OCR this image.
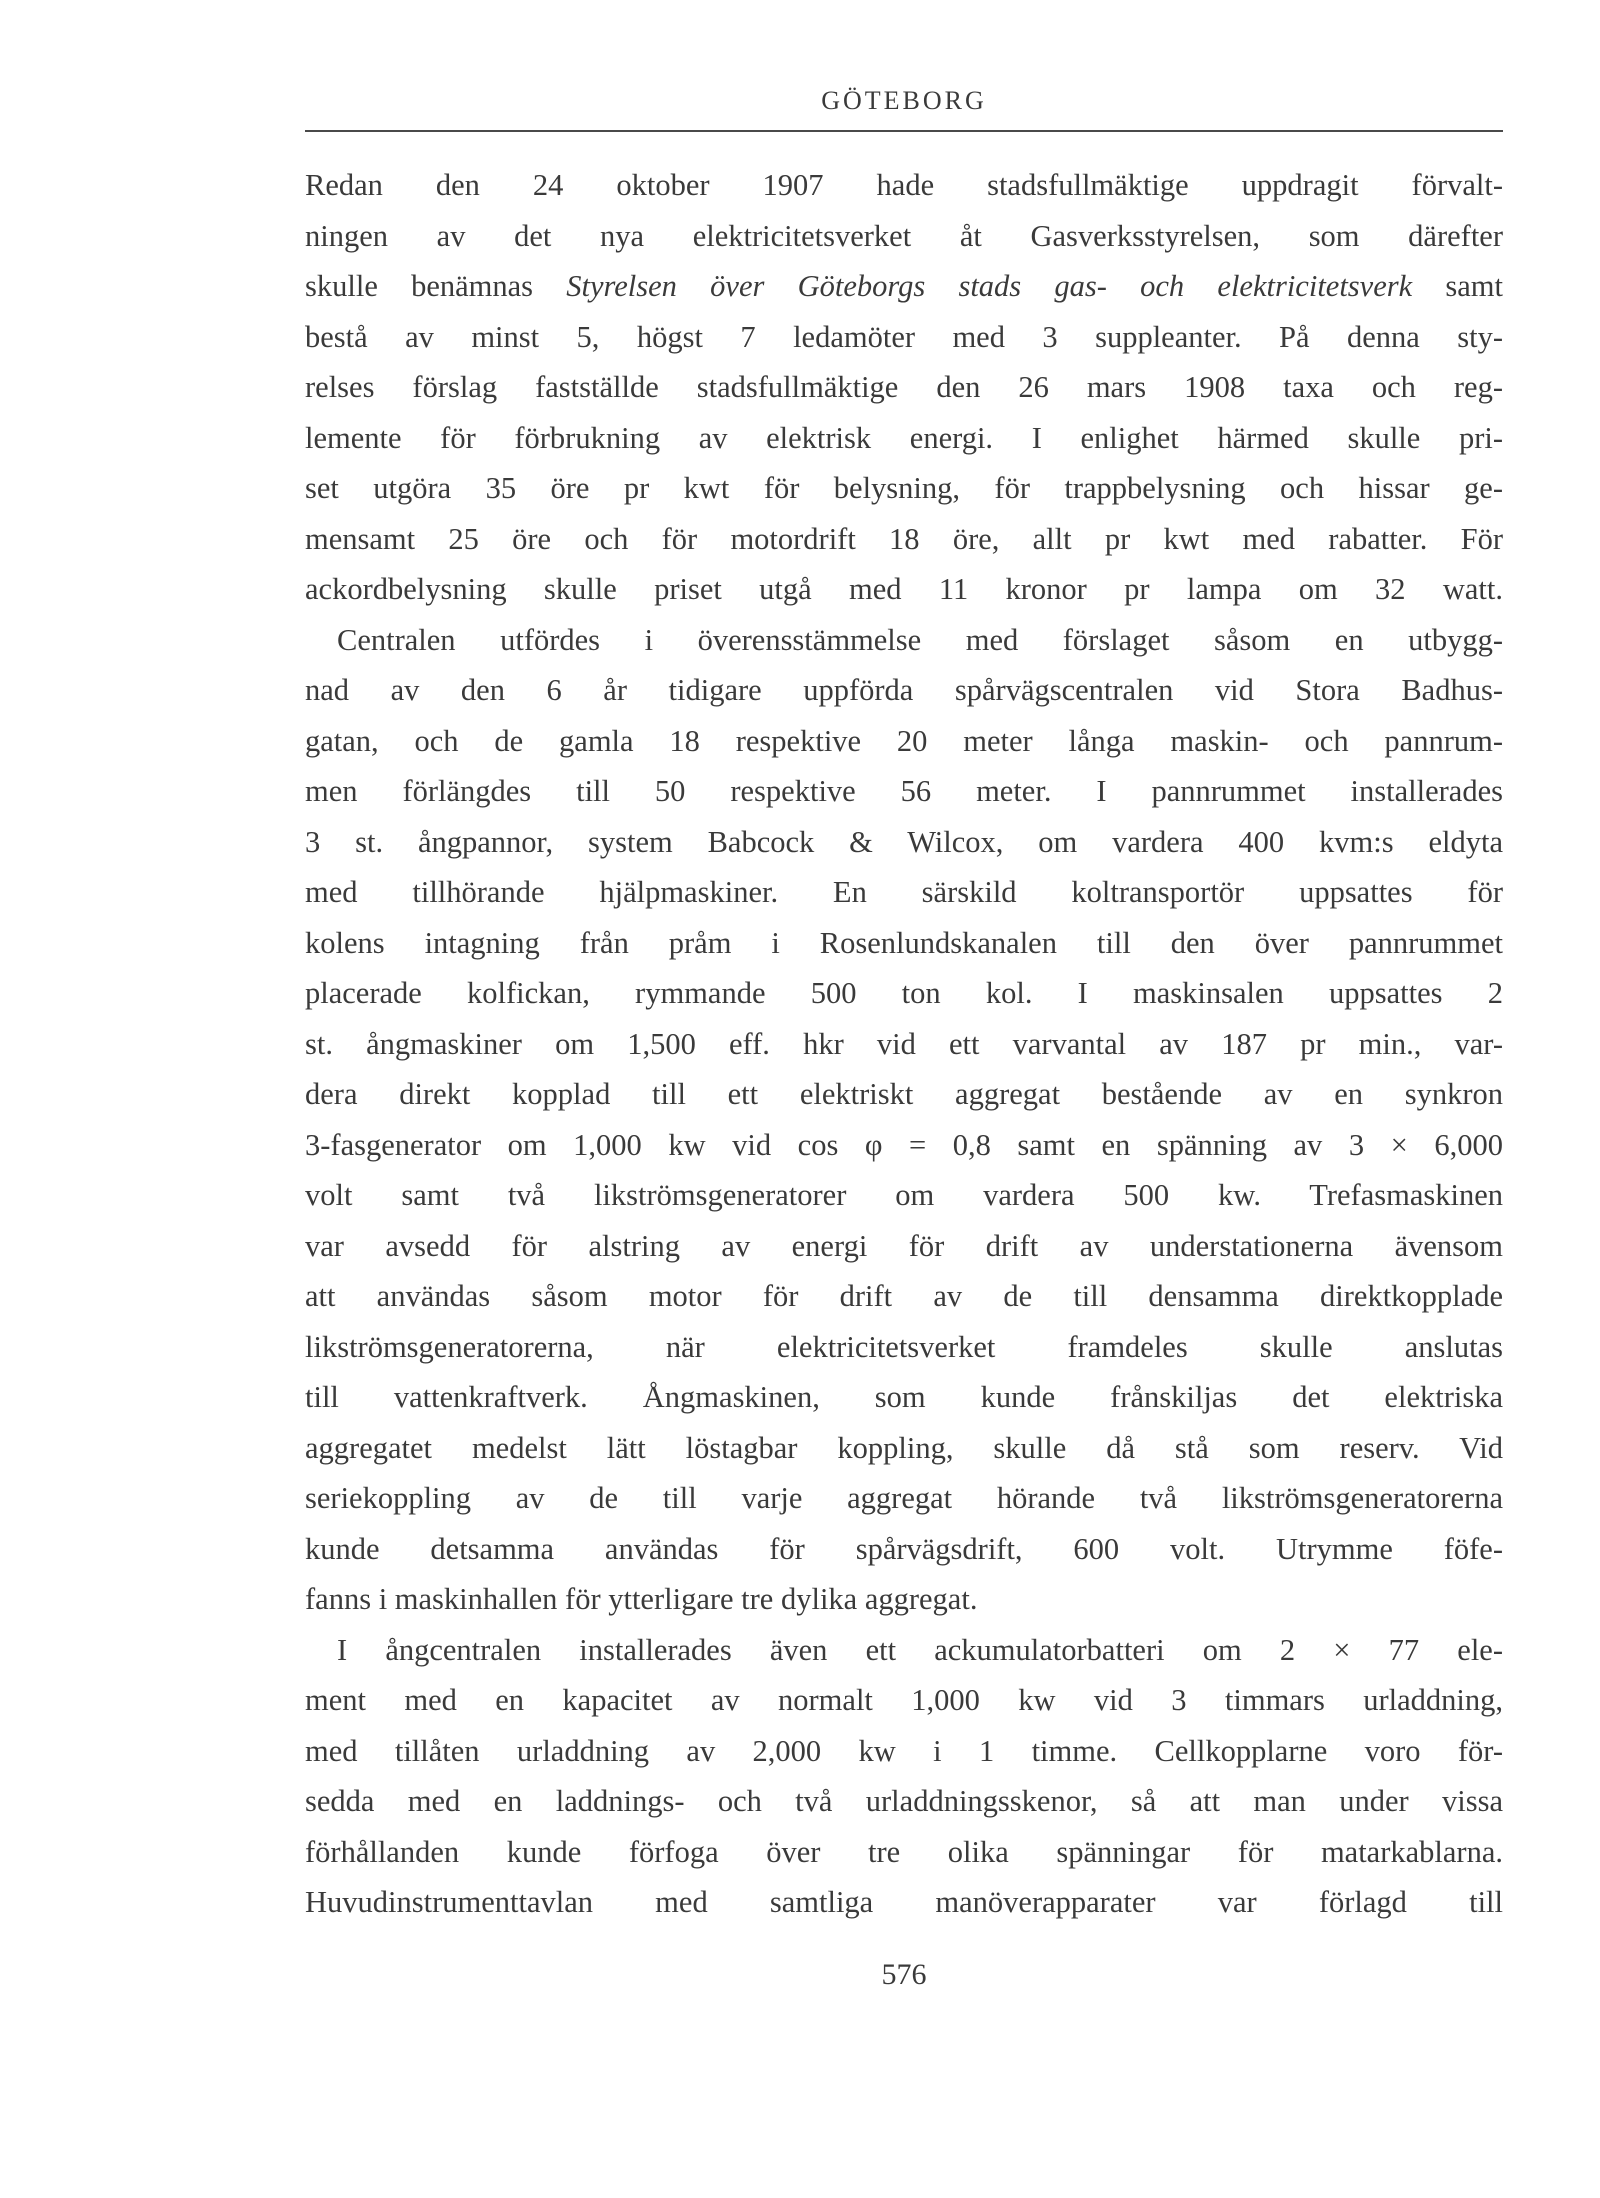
GÖTEBORG
Redan den 24 oktober 1907 hade stadsfullmäktige uppdragit förvalt-
ningen av det nya elektricitetsverket åt Gasverksstyrelsen, som därefter
skulle benämnas Styrelsen över Göteborgs stads gas- och elektricitetsverk samt
bestå av minst 5, högst 7 ledamöter med 3 suppleanter. På denna sty-
relses förslag fastställde stadsfullmäktige den 26 mars 1908 taxa och reg-
lemente för förbrukning av elektrisk energi. I enlighet härmed skulle pri-
set utgöra 35 öre pr kwt för belysning, för trappbelysning och hissar ge-
mensamt 25 öre och för motordrift 18 öre, allt pr kwt med rabatter. För
ackordbelysning skulle priset utgå med 11 kronor pr lampa om 32 watt.
Centralen utfördes i överensstämmelse med förslaget såsom en utbygg-
nad av den 6 år tidigare uppförda spårvägscentralen vid Stora Badhus-
gatan, och de gamla 18 respektive 20 meter långa maskin- och pannrum-
men förlängdes till 50 respektive 56 meter. I pannrummet installerades
3 st. ångpannor, system Babcock & Wilcox, om vardera 400 kvm:s eldyta
med tillhörande hjälpmaskiner. En särskild koltransportör uppsattes för
kolens intagning från pråm i Rosenlundskanalen till den över pannrummet
placerade kolfickan, rymmande 500 ton kol. I maskinsalen uppsattes 2
st. ångmaskiner om 1,500 eff. hkr vid ett varvantal av 187 pr min., var-
dera direkt kopplad till ett elektriskt aggregat bestående av en synkron
3-fasgenerator om 1,000 kw vid cos φ = 0,8 samt en spänning av 3 × 6,000
volt samt två likströmsgeneratorer om vardera 500 kw. Trefasmaskinen
var avsedd för alstring av energi för drift av understationerna ävensom
att användas såsom motor för drift av de till densamma direktkopplade
likströmsgeneratorerna, när elektricitetsverket framdeles skulle anslutas
till vattenkraftverk. Ångmaskinen, som kunde frånskiljas det elektriska
aggregatet medelst lätt löstagbar koppling, skulle då stå som reserv. Vid
seriekoppling av de till varje aggregat hörande två likströmsgeneratorerna
kunde detsamma användas för spårvägsdrift, 600 volt. Utrymme föfe-
fanns i maskinhallen för ytterligare tre dylika aggregat.
I ångcentralen installerades även ett ackumulatorbatteri om 2 × 77 ele-
ment med en kapacitet av normalt 1,000 kw vid 3 timmars urladdning,
med tillåten urladdning av 2,000 kw i 1 timme. Cellkopplarne voro för-
sedda med en laddnings- och två urladdningsskenor, så att man under vissa
förhållanden kunde förfoga över tre olika spänningar för matarkablarna.
Huvudinstrumenttavlan med samtliga manöverapparater var förlagd till
576
